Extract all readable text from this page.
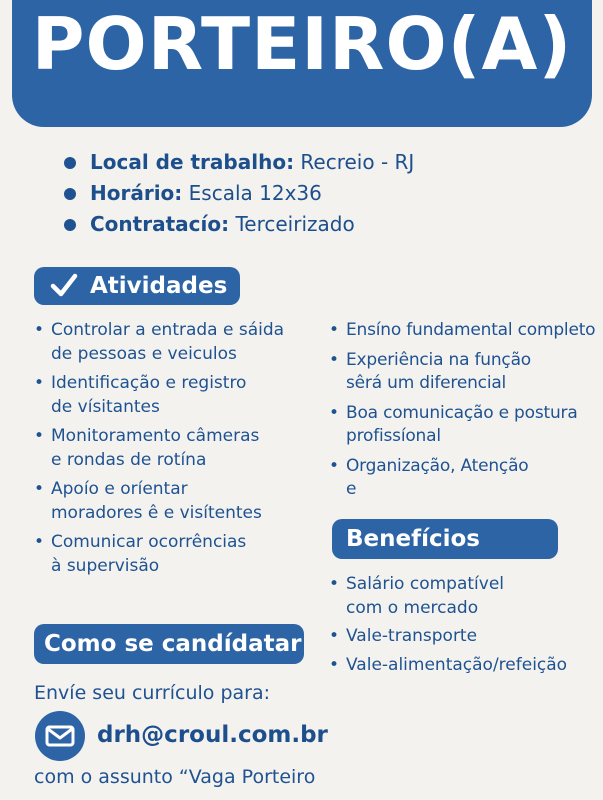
PORTEIRO(A)
Local de trabalho: Recreio - RJ
Horário: Escala 12x36
Contratacío: Terceirizado
Atividades
• Controlar a entrada e sáida
de pessoas e veiculos
• Identificação e registro
de vísitantes
• Monitoramento câmeras
e rondas de rotína
• Apoío e oríentar
moradores ê e visítentes
• Comunicar ocorrências
à supervisão
• Ensíno fundamental completo
• Experiência na função
sêrá um diferencial
• Boa comunicação e postura
profissíonal
• Organização, Atenção
e
Benefícios
• Salário compatível
com o mercado
• Vale-transporte
• Vale-alimentação/refeição
Como se candídatar
Envíe seu currículo para:
drh@croul.com.br
com o assunto “Vaga Porteiro
